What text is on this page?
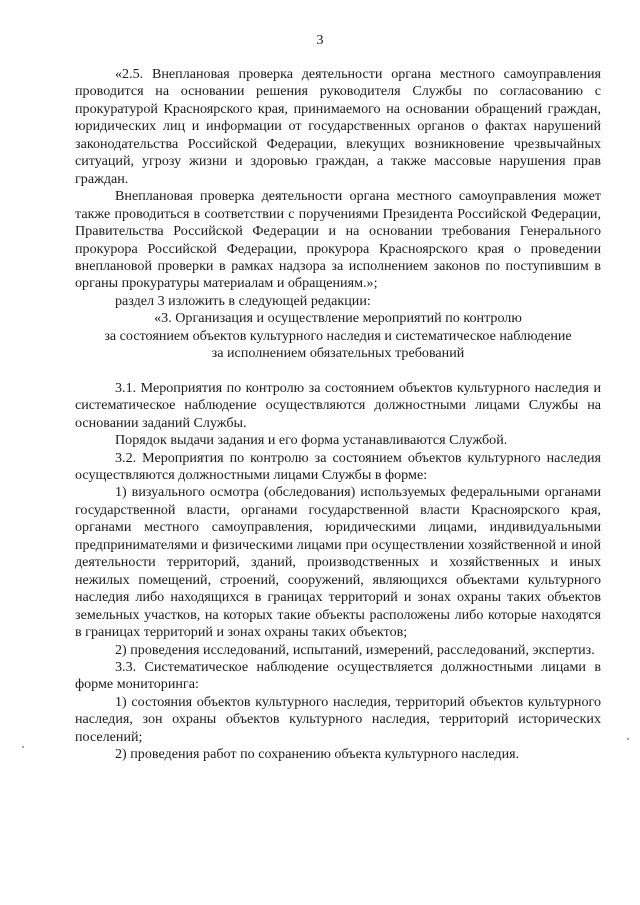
3

«2.5. Внеплановая проверка деятельности органа местного самоуправления проводится на основании решения руководителя Службы по согласованию с прокуратурой Красноярского края, принимаемого на основании обращений граждан, юридических лиц и информации от государственных органов о фактах нарушений законодательства Российской Федерации, влекущих возникновение чрезвычайных ситуаций, угрозу жизни и здоровью граждан, а также массовые нарушения прав граждан.

Внеплановая проверка деятельности органа местного самоуправления может также проводиться в соответствии с поручениями Президента Российской Федерации, Правительства Российской Федерации и на основании требования Генерального прокурора Российской Федерации, прокурора Красноярского края о проведении внеплановой проверки в рамках надзора за исполнением законов по поступившим в органы прокуратуры материалам и обращениям.»;

раздел 3 изложить в следующей редакции:

«3. Организация и осуществление мероприятий по контролю

за состоянием объектов культурного наследия и систематическое наблюдение

за исполнением обязательных требований

3.1. Мероприятия по контролю за состоянием объектов культурного наследия и систематическое наблюдение осуществляются должностными лицами Службы на основании заданий Службы.

Порядок выдачи задания и его форма устанавливаются Службой.

3.2. Мероприятия по контролю за состоянием объектов культурного наследия осуществляются должностными лицами Службы в форме:

1) визуального осмотра (обследования) используемых федеральными органами государственной власти, органами государственной власти Красноярского края, органами местного самоуправления, юридическими лицами, индивидуальными предпринимателями и физическими лицами при осуществлении хозяйственной и иной деятельности территорий, зданий, производственных и хозяйственных и иных нежилых помещений, строений, сооружений, являющихся объектами культурного наследия либо находящихся в границах территорий и зонах охраны таких объектов земельных участков, на которых такие объекты расположены либо которые находятся в границах территорий и зонах охраны таких объектов;

2) проведения исследований, испытаний, измерений, расследований, экспертиз.

3.3. Систематическое наблюдение осуществляется должностными лицами в форме мониторинга:

1) состояния объектов культурного наследия, территорий объектов культурного наследия, зон охраны объектов культурного наследия, территорий исторических поселений;

2) проведения работ по сохранению объекта культурного наследия.
